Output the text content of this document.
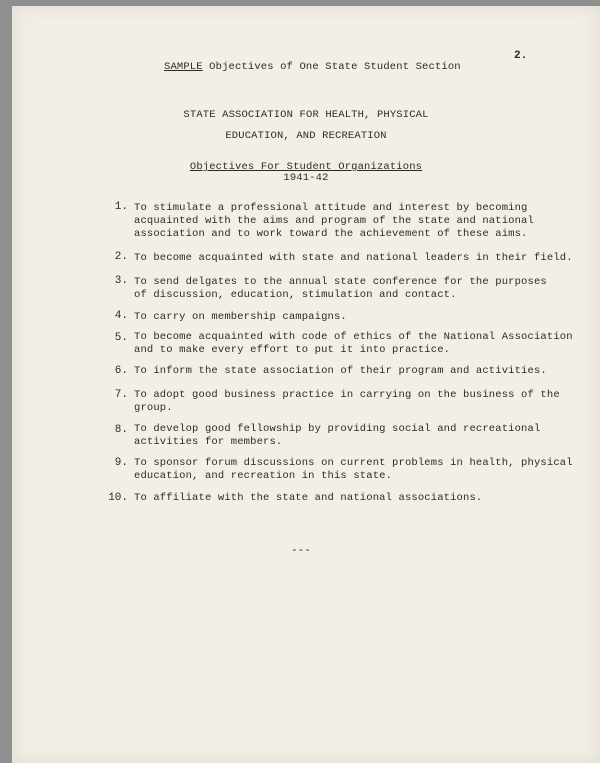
2.
SAMPLE Objectives of One State Student Section
STATE ASSOCIATION FOR HEALTH, PHYSICAL
EDUCATION, AND RECREATION
Objectives For Student Organizations
1941-42
1. To stimulate a professional attitude and interest by becoming
acquainted with the aims and program of the state and national
association and to work toward the achievement of these aims.
2. To become acquainted with state and national leaders in their field.
3. To send delgates to the annual state conference for the purposes
of discussion, education, stimulation and contact.
4. To carry on membership campaigns.
5. To become acquainted with code of ethics of the National Association
and to make every effort to put it into practice.
6. To inform the state association of their program and activities.
7. To adopt good business practice in carrying on the business of the
group.
8. To develop good fellowship by providing social and recreational
activities for members.
9. To sponsor forum discussions on current problems in health, physical
education, and recreation in this state.
10. To affiliate with the state and national associations.
---
